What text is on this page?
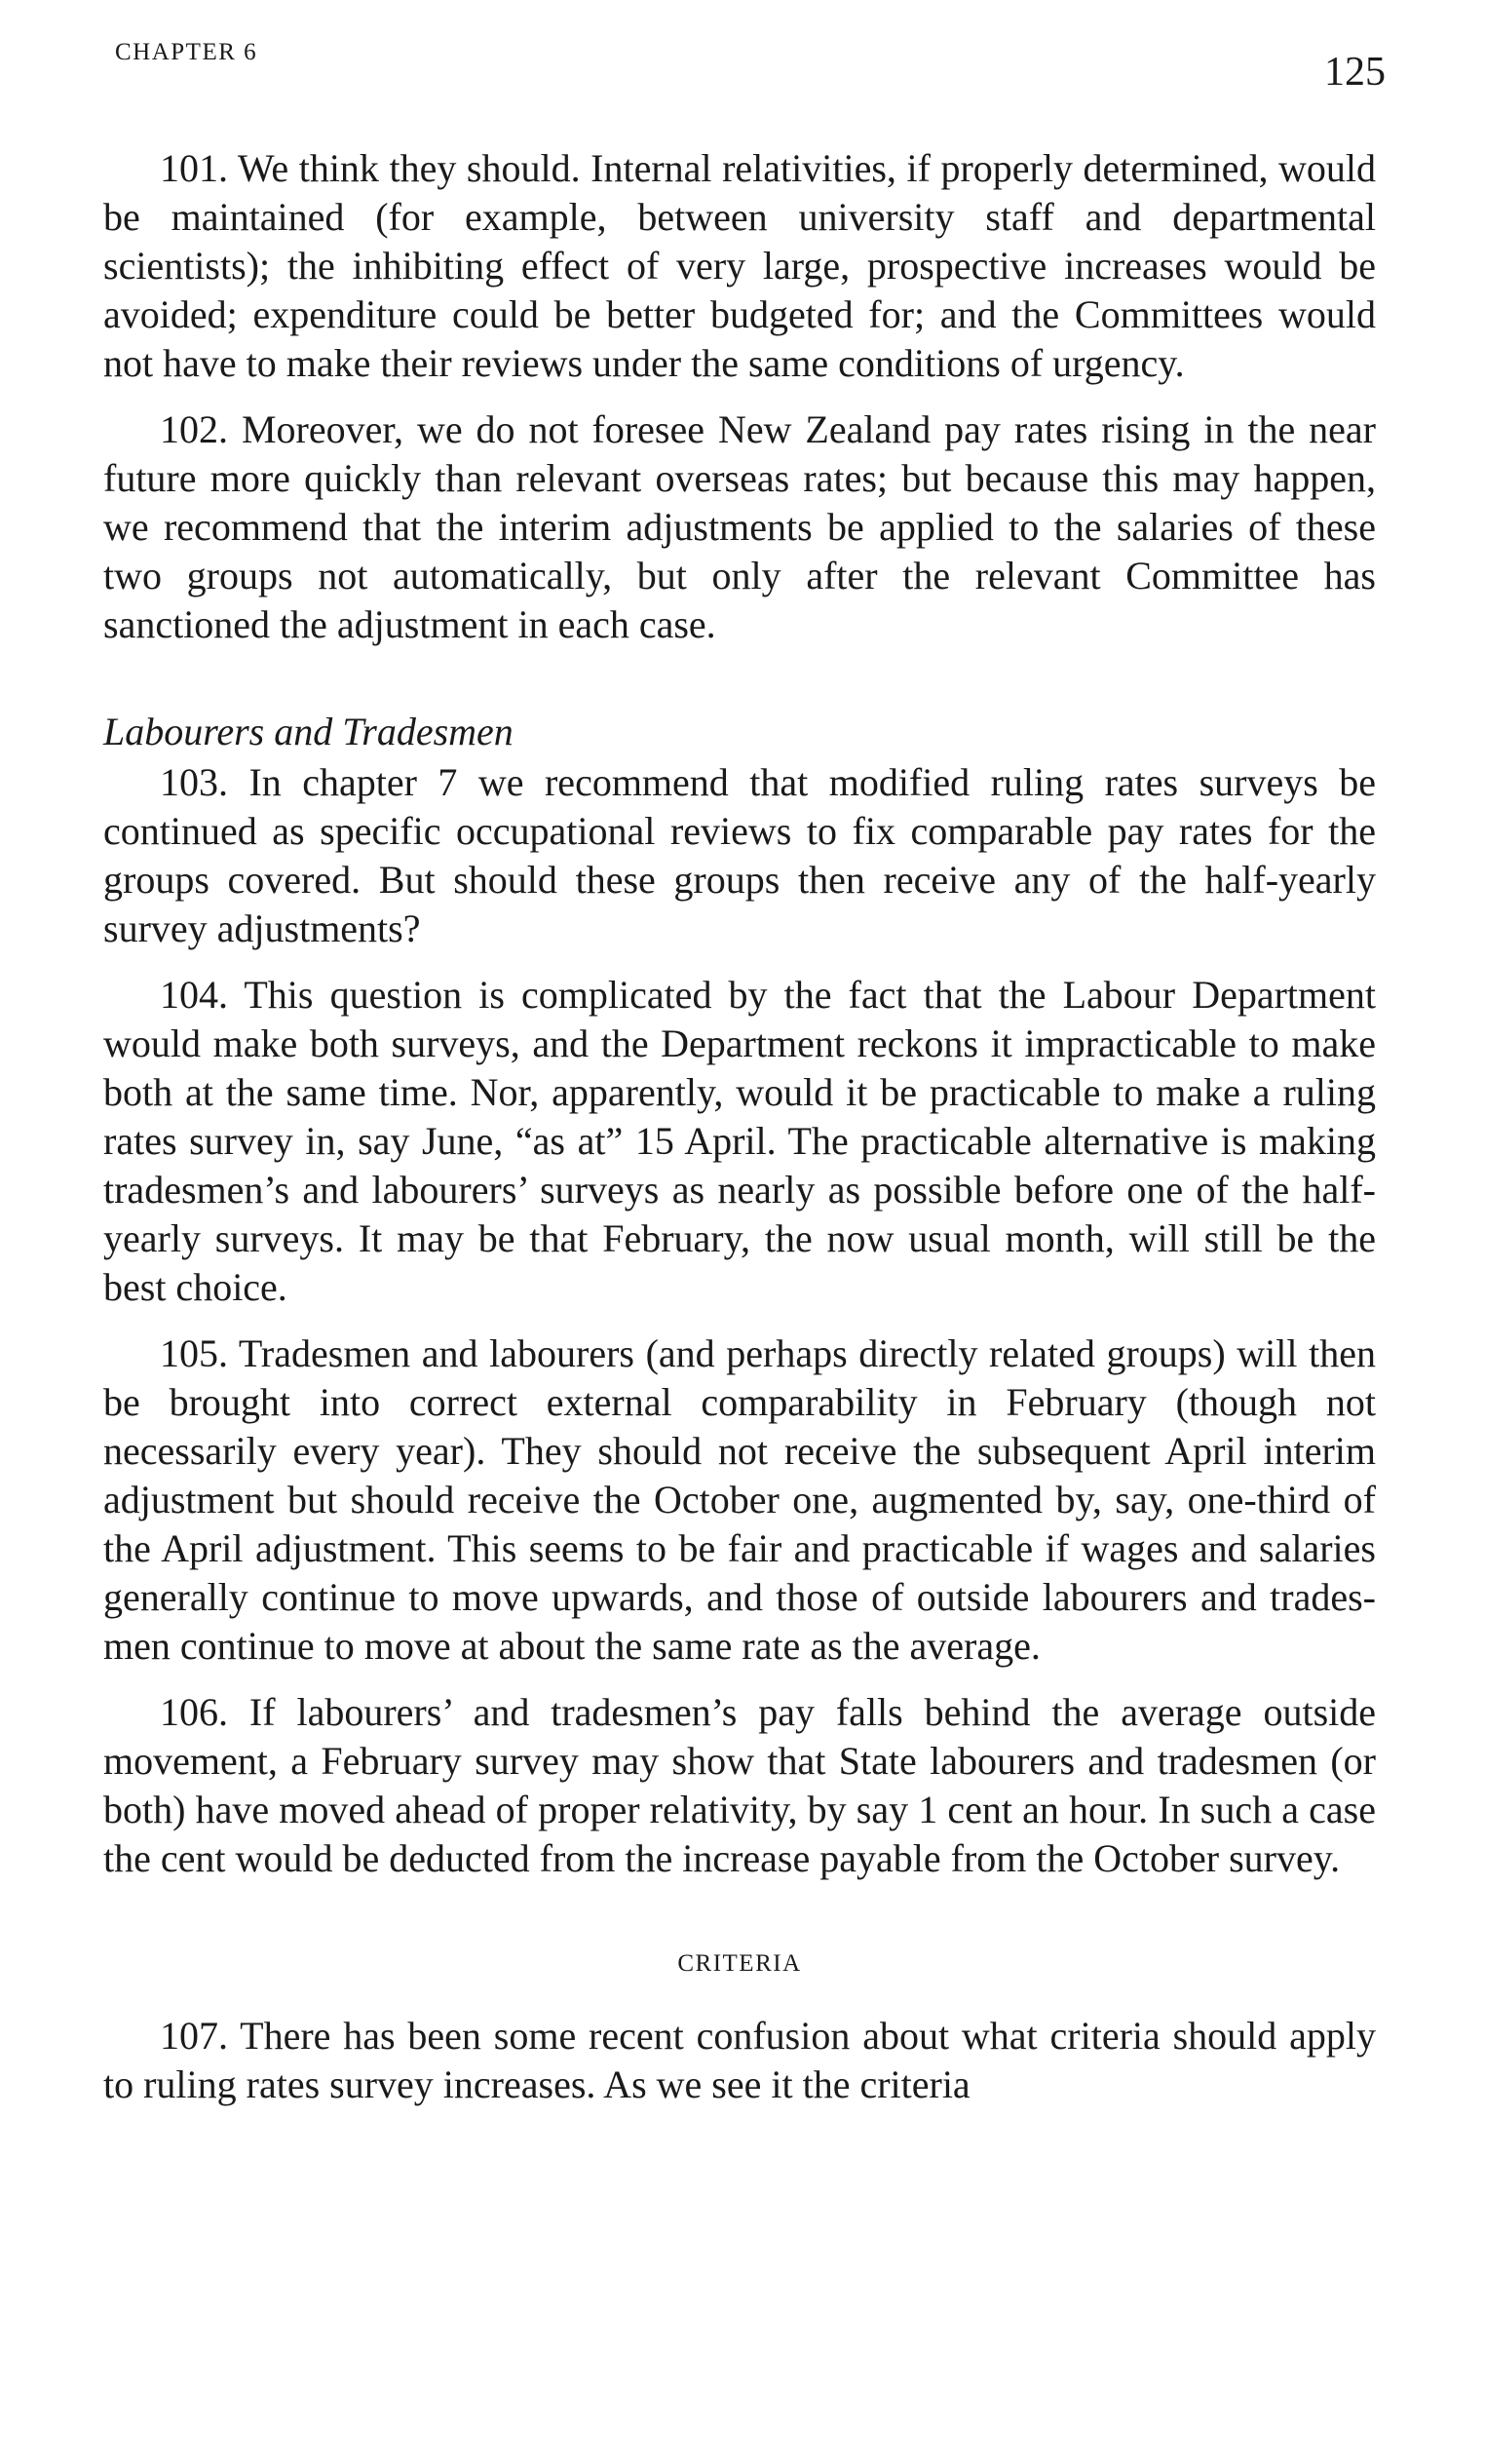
CHAPTER 6	125

101. We think they should. Internal relativities, if properly determined, would be maintained (for example, between university staff and departmental scientists); the inhibiting effect of very large, prospective increases would be avoided; expenditure could be better budgeted for; and the Committees would not have to make their reviews under the same conditions of urgency.

102. Moreover, we do not foresee New Zealand pay rates rising in the near future more quickly than relevant overseas rates; but because this may happen, we recommend that the interim adjustments be applied to the salaries of these two groups not automatically, but only after the relevant Committee has sanctioned the adjustment in each case.

Labourers and Tradesmen

103. In chapter 7 we recommend that modified ruling rates surveys be continued as specific occupational reviews to fix comparable pay rates for the groups covered. But should these groups then receive any of the half-yearly survey adjustments?

104. This question is complicated by the fact that the Labour Department would make both surveys, and the Department reckons it impracticable to make both at the same time. Nor, apparently, would it be practicable to make a ruling rates survey in, say June, “as at” 15 April. The practicable alternative is making tradesmen’s and labourers’ surveys as nearly as possible before one of the halfyearly surveys. It may be that February, the now usual month, will still be the best choice.

105. Tradesmen and labourers (and perhaps directly related groups) will then be brought into correct external comparability in February (though not necessarily every year). They should not receive the subsequent April interim adjustment but should receive the October one, augmented by, say, one-third of the April adjustment. This seems to be fair and practicable if wages and salaries generally continue to move upwards, and those of outside labourers and tradesmen continue to move at about the same rate as the average.

106. If labourers’ and tradesmen’s pay falls behind the average outside movement, a February survey may show that State labourers and tradesmen (or both) have moved ahead of proper relativity, by say 1 cent an hour. In such a case the cent would be deducted from the increase payable from the October survey.

CRITERIA

107. There has been some recent confusion about what criteria should apply to ruling rates survey increases. As we see it the criteria
